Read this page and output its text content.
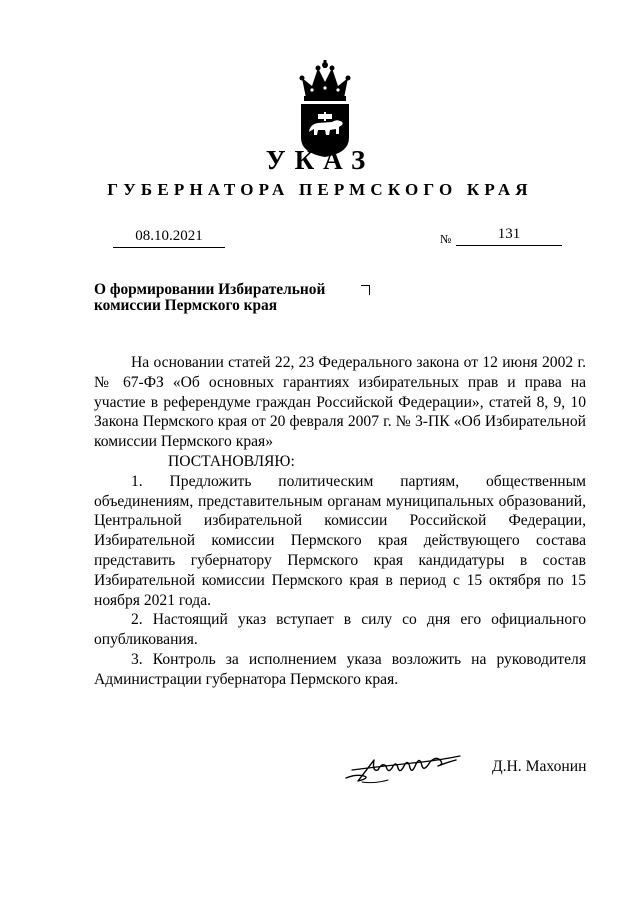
УКАЗ
ГУБЕРНАТОРА ПЕРМСКОГО КРАЯ
08.10.2021	№	131
О формировании Избирательной комиссии Пермского края

На основании статей 22, 23 Федерального закона от 12 июня 2002 г. № 67-ФЗ «Об основных гарантиях избирательных прав и права на участие в референдуме граждан Российской Федерации», статей 8, 9, 10 Закона Пермского края от 20 февраля 2007 г. № 3-ПК «Об Избирательной комиссии Пермского края»

ПОСТАНОВЛЯЮ:

1. Предложить политическим партиям, общественным объединениям, представительным органам муниципальных образований, Центральной избирательной комиссии Российской Федерации, Избирательной комиссии Пермского края действующего состава представить губернатору Пермского края кандидатуры в состав Избирательной комиссии Пермского края в период с 15 октября по 15 ноября 2021 года.

2. Настоящий указ вступает в силу со дня его официального опубликования.

3. Контроль за исполнением указа возложить на руководителя Администрации губернатора Пермского края.

Д.Н. Махонин
